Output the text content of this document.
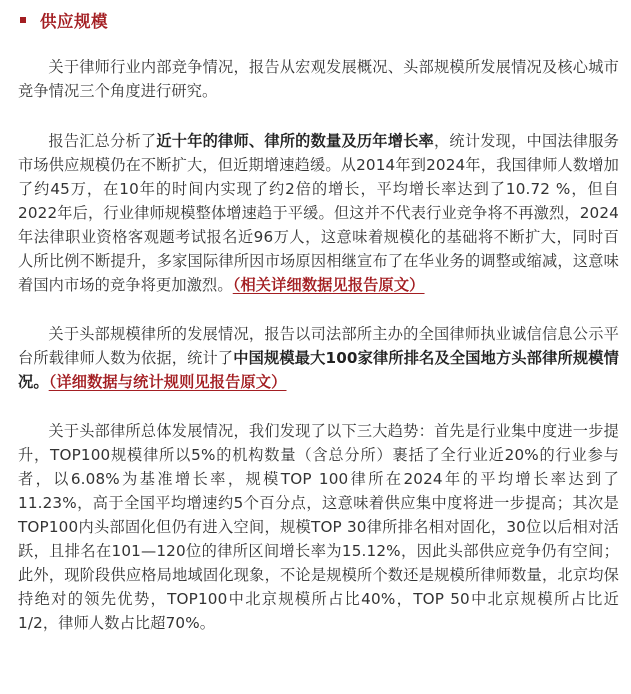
供应规模

关于律师行业内部竞争情况，报告从宏观发展概况、头部规模所发展情况及核心城市竞争情况三个角度进行研究。

报告汇总分析了近十年的律师、律所的数量及历年增长率，统计发现，中国法律服务市场供应规模仍在不断扩大，但近期增速趋缓。从2014年到2024年，我国律师人数增加了约45万，在10年的时间内实现了约2倍的增长，平均增长率达到了10.72 %，但自2022年后，行业律师规模整体增速趋于平缓。但这并不代表行业竞争将不再激烈，2024年法律职业资格客观题考试报名近96万人，这意味着规模化的基础将不断扩大，同时百人所比例不断提升，多家国际律所因市场原因相继宣布了在华业务的调整或缩减，这意味着国内市场的竞争将更加激烈。（相关详细数据见报告原文）

关于头部规模律所的发展情况，报告以司法部所主办的全国律师执业诚信信息公示平台所载律师人数为依据，统计了中国规模最大100家律所排名及全国地方头部律所规模情况。（详细数据与统计规则见报告原文）

关于头部律所总体发展情况，我们发现了以下三大趋势：首先是行业集中度进一步提升，TOP100规模律所以5%的机构数量（含总分所）裹括了全行业近20%的行业参与者，以6.08%为基准增长率，规模TOP 100律所在2024年的平均增长率达到了11.23%，高于全国平均增速约5个百分点，这意味着供应集中度将进一步提高；其次是TOP100内头部固化但仍有进入空间，规模TOP 30律所排名相对固化，30位以后相对活跃，且排名在101—120位的律所区间增长率为15.12%，因此头部供应竞争仍有空间；此外，现阶段供应格局地域固化现象，不论是规模所个数还是规模所律师数量，北京均保持绝对的领先优势，TOP100中北京规模所占比40%，TOP 50中北京规模所占比近1/2，律师人数占比超70%。
